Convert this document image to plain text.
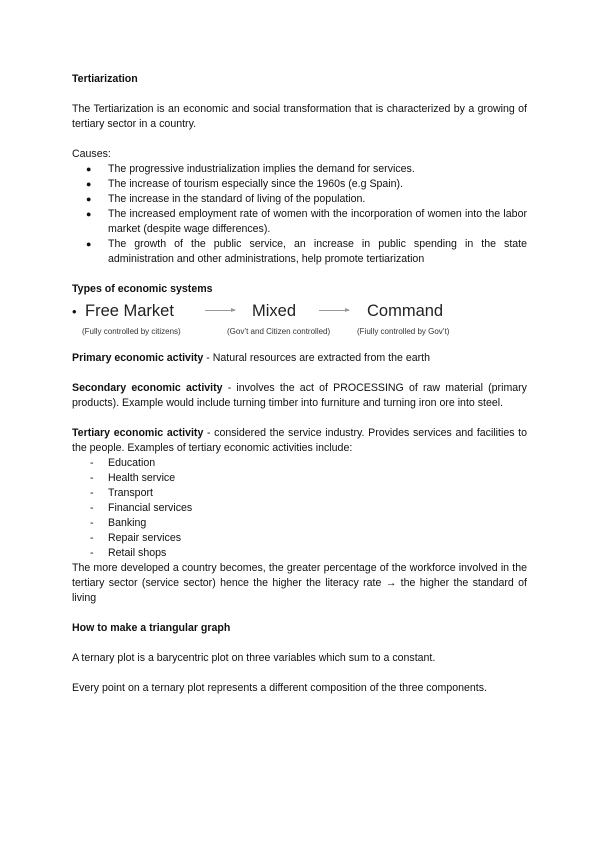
Tertiarization

The Tertiarization is an economic and social transformation that is characterized by a growing of tertiary sector in a country.

Causes:

● The progressive industrialization implies the demand for services.
● The increase of tourism especially since the 1960s (e.g Spain).
● The increase in the standard of living of the population.
● The increased employment rate of women with the incorporation of women into the labor market (despite wage differences).
● The growth of the public service, an increase in public spending in the state administration and other administrations, help promote tertiarization
Types of economic systems
• Free Market
(Fully controlled by citizens)
Mixed
(Gov’t and Citizen controlled)
Command
(Fiully controlled by Gov’t)

Primary economic activity - Natural resources are extracted from the earth

Secondary economic activity - involves the act of PROCESSING of raw material (primary products). Example would include turning timber into furniture and turning iron ore into steel.

Tertiary economic activity - considered the service industry. Provides services and facilities to the people. Examples of tertiary economic activities include:

- Education
- Health service
- Transport
- Financial services
- Banking
- Repair services
- Retail shops

The more developed a country becomes, the greater percentage of the workforce involved in the tertiary sector (service sector) hence the higher the literacy rate → the higher the standard of living

How to make a triangular graph

A ternary plot is a barycentric plot on three variables which sum to a constant.

Every point on a ternary plot represents a different composition of the three components.
